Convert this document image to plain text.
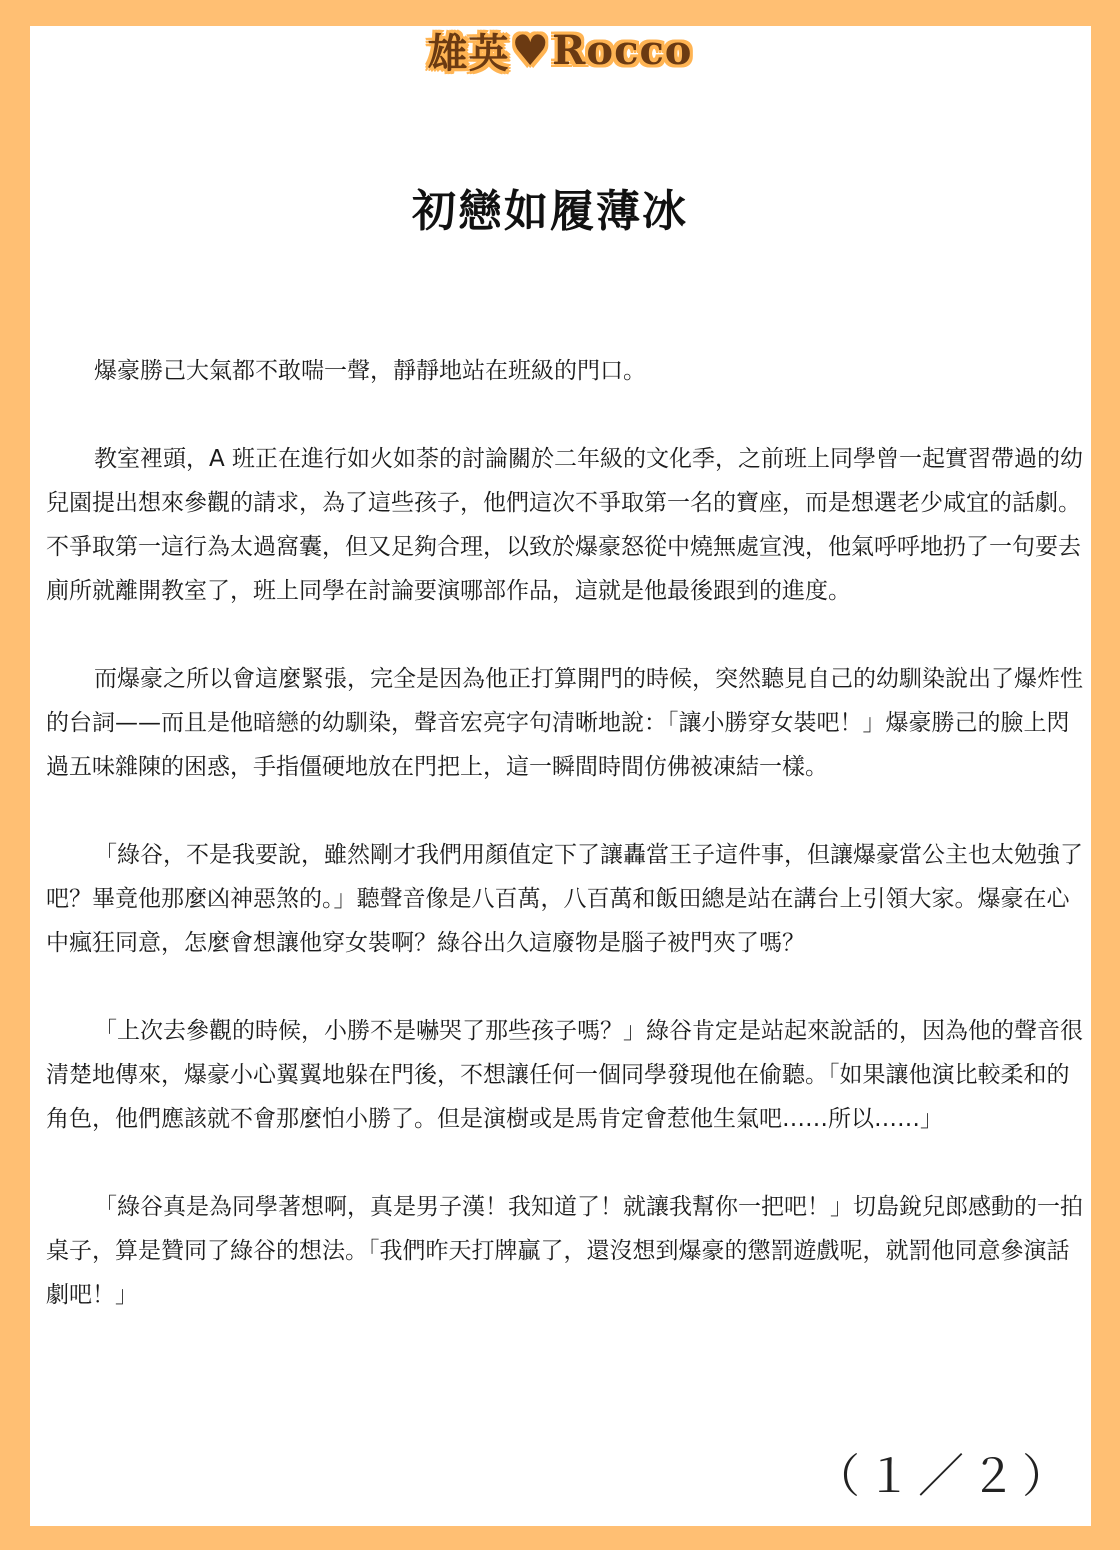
雄英 ♥ Rocco
初戀如履薄冰

爆豪勝己大氣都不敢喘一聲，靜靜地站在班級的門口。

教室裡頭，A 班正在進行如火如荼的討論關於二年級的文化季，之前班上同學曾一起實習帶過的幼兒園提出想來參觀的請求，為了這些孩子，他們這次不爭取第一名的寶座，而是想選老少咸宜的話劇。不爭取第一這行為太過窩囊，但又足夠合理，以致於爆豪怒從中燒無處宣洩，他氣呼呼地扔了一句要去廁所就離開教室了，班上同學在討論要演哪部作品，這就是他最後跟到的進度。

而爆豪之所以會這麼緊張，完全是因為他正打算開門的時候，突然聽見自己的幼馴染說出了爆炸性的台詞——而且是他暗戀的幼馴染，聲音宏亮字句清晰地說：「讓小勝穿女裝吧！」爆豪勝己的臉上閃過五味雜陳的困惑，手指僵硬地放在門把上，這一瞬間時間仿佛被凍結一樣。

「綠谷，不是我要說，雖然剛才我們用顏值定下了讓轟當王子這件事，但讓爆豪當公主也太勉強了吧？畢竟他那麼凶神惡煞的。」聽聲音像是八百萬，八百萬和飯田總是站在講台上引領大家。爆豪在心中瘋狂同意，怎麼會想讓他穿女裝啊？綠谷出久這廢物是腦子被門夾了嗎？

「上次去參觀的時候，小勝不是嚇哭了那些孩子嗎？」綠谷肯定是站起來說話的，因為他的聲音很清楚地傳來，爆豪小心翼翼地躲在門後，不想讓任何一個同學發現他在偷聽。「如果讓他演比較柔和的角色，他們應該就不會那麼怕小勝了。但是演樹或是馬肯定會惹他生氣吧……所以……」

「綠谷真是為同學著想啊，真是男子漢！我知道了！就讓我幫你一把吧！」切島銳兒郎感動的一拍桌子，算是贊同了綠谷的想法。「我們昨天打牌贏了，還沒想到爆豪的懲罰遊戲呢，就罰他同意參演話劇吧！」

（１／２）
